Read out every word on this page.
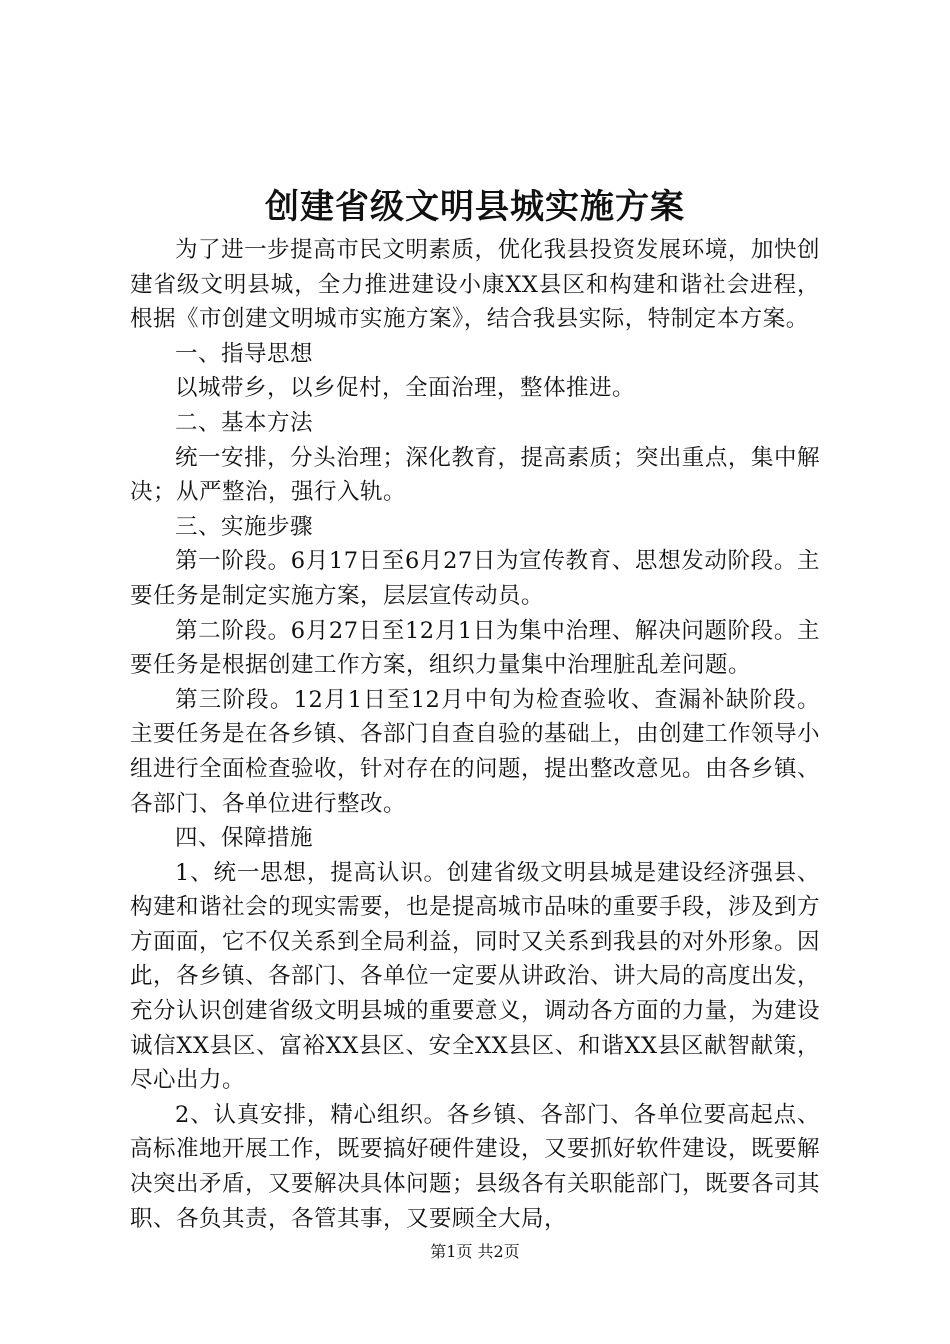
创建省级文明县城实施方案

为了进一步提高市民文明素质，优化我县投资发展环境，加快创建省级文明县城，全力推进建设小康XX县区和构建和谐社会进程，根据《市创建文明城市实施方案》，结合我县实际，特制定本方案。

一、指导思想

以城带乡，以乡促村，全面治理，整体推进。

二、基本方法

统一安排，分头治理；深化教育，提高素质；突出重点，集中解决；从严整治，强行入轨。

三、实施步骤

第一阶段。6月17日至6月27日为宣传教育、思想发动阶段。主要任务是制定实施方案，层层宣传动员。

第二阶段。6月27日至12月1日为集中治理、解决问题阶段。主要任务是根据创建工作方案，组织力量集中治理脏乱差问题。

第三阶段。12月1日至12月中旬为检查验收、查漏补缺阶段。主要任务是在各乡镇、各部门自查自验的基础上，由创建工作领导小组进行全面检查验收，针对存在的问题，提出整改意见。由各乡镇、各部门、各单位进行整改。

四、保障措施

1、统一思想，提高认识。创建省级文明县城是建设经济强县、构建和谐社会的现实需要，也是提高城市品味的重要手段，涉及到方方面面，它不仅关系到全局利益，同时又关系到我县的对外形象。因此，各乡镇、各部门、各单位一定要从讲政治、讲大局的高度出发，充分认识创建省级文明县城的重要意义，调动各方面的力量，为建设诚信XX县区、富裕XX县区、安全XX县区、和谐XX县区献智献策，尽心出力。

2、认真安排，精心组织。各乡镇、各部门、各单位要高起点、高标准地开展工作，既要搞好硬件建设，又要抓好软件建设，既要解决突出矛盾，又要解决具体问题；县级各有关职能部门，既要各司其职、各负其责，各管其事，又要顾全大局，

第1页 共2页
